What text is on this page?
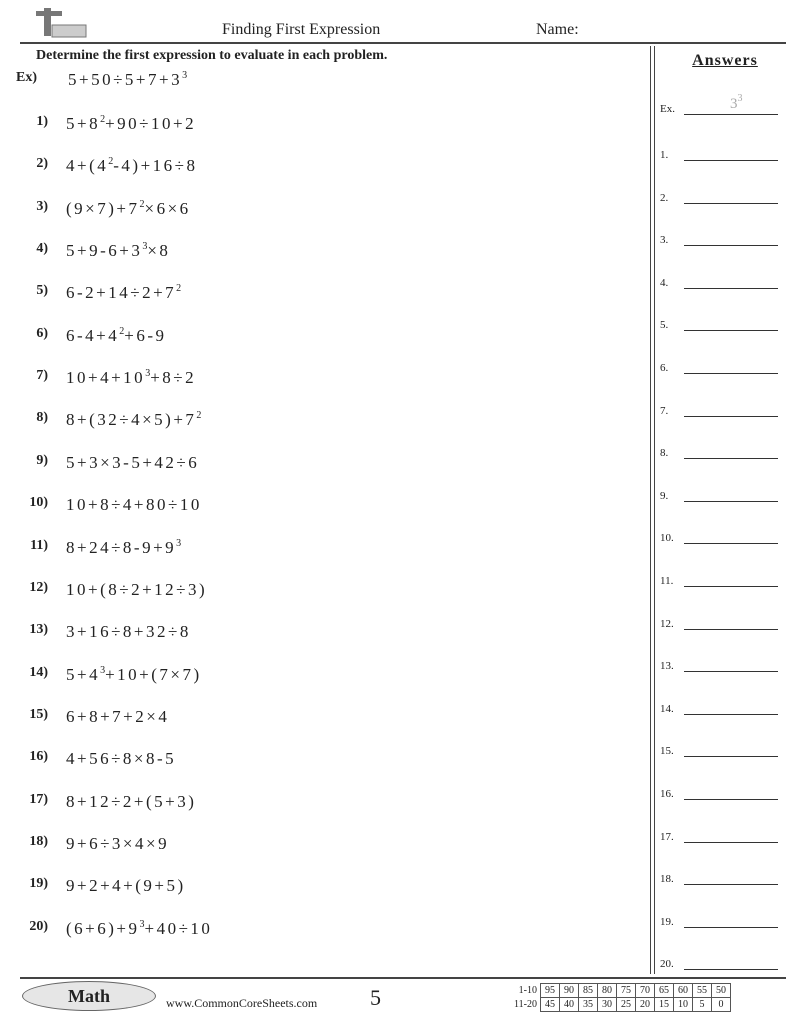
Finding First Expression	Name:
Determine the first expression to evaluate in each problem.
Ex) $5+50\div 5+7+3^3$
1) $5+8^2+90\div 10+2$
2) $4+(4^2-4)+16\div 8$
3) $(9\times 7)+7^2\times 6\times 6$
4) $5+9-6+3^3\times 8$
5) $6-2+14\div 2+7^2$
6) $6-4+4^2+6-9$
7) $10+4+10^3+8\div 2$
8) $8+(32\div 4\times 5)+7^2$
9) 5+3×3-5+42÷6
10) 10+8÷4+80÷10
11) $8+24\div 8-9+9^3$
12) 10+(8÷2+12÷3)
13) 3+16÷8+32÷8
14) $5+4^3+10+(7\times 7)$
15) 6+8+7+2×4
16) 4+56÷8×8-5
17) 8+12÷2+(5+3)
18) 9+6÷3×4×9
19) 9+2+4+(9+5)
20) $(6+6)+9^3+40\div 10$
Answers
Ex.	$3^3$
1.
2.
3.
4.
5.
6.
7.
8.
9.
10.
11.
12.
13.
14.
15.
16.
17.
18.
19.
20.
Math	www.CommonCoreSheets.com 5	1-10	95	90	85	80	75	70	65	60	55	50
11-20	45	40	35	30	25	20	15	10	5	0
